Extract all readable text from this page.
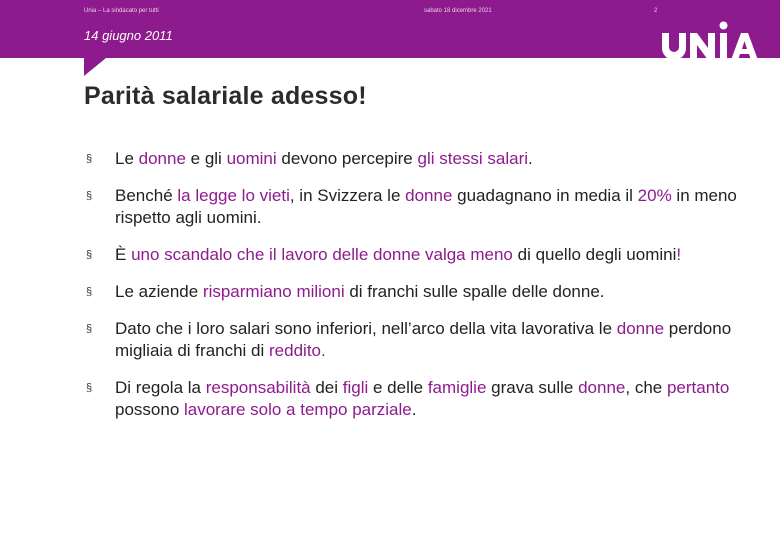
Unia – La sindacato per tutti	sabato 18 dicembre 2021	2
14 giugno 2011
Parità salariale adesso!
§ Le donne e gli uomini devono percepire gli stessi salari.
§ Benché la legge lo vieti, in Svizzera le donne guadagnano in media il 20% in meno rispetto agli uomini.
§ È uno scandalo che il lavoro delle donne valga meno di quello degli uomini!
§ Le aziende risparmiano milioni di franchi sulle spalle delle donne.
§ Dato che i loro salari sono inferiori, nell’arco della vita lavorativa le donne perdono migliaia di franchi di reddito.
§ Di regola la responsabilità dei figli e delle famiglie grava sulle donne, che pertanto possono lavorare solo a tempo parziale.
